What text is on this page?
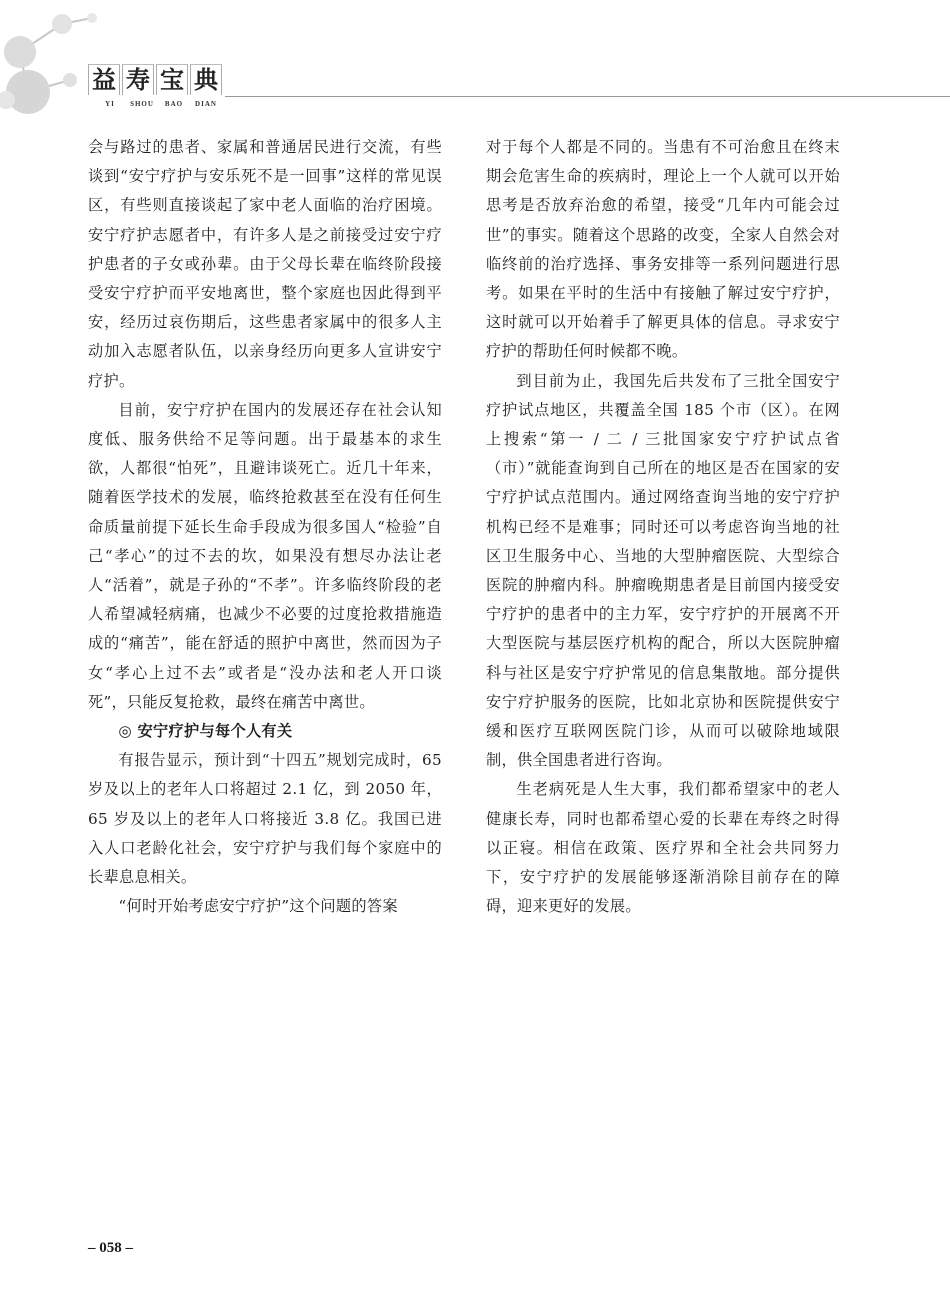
益 寿 宝 典
YI	SHOU	BAO	DIAN

会与路过的患者、家属和普通居民进行交流，有些谈到“安宁疗护与安乐死不是一回事”这样的常见误区，有些则直接谈起了家中老人面临的治疗困境。安宁疗护志愿者中，有许多人是之前接受过安宁疗护患者的子女或孙辈。由于父母长辈在临终阶段接受安宁疗护而平安地离世，整个家庭也因此得到平安，经历过哀伤期后，这些患者家属中的很多人主动加入志愿者队伍，以亲身经历向更多人宣讲安宁疗护。

目前，安宁疗护在国内的发展还存在社会认知度低、服务供给不足等问题。出于最基本的求生欲，人都很“怕死”，且避讳谈死亡。近几十年来，随着医学技术的发展，临终抢救甚至在没有任何生命质量前提下延长生命手段成为很多国人“检验”自己“孝心”的过不去的坎，如果没有想尽办法让老人“活着”，就是子孙的“不孝”。许多临终阶段的老人希望减轻病痛，也减少不必要的过度抢救措施造成的“痛苦”，能在舒适的照护中离世，然而因为子女“孝心上过不去”或者是“没办法和老人开口谈死”，只能反复抢救，最终在痛苦中离世。

◎ 安宁疗护与每个人有关

有报告显示，预计到“十四五”规划完成时，65 岁及以上的老年人口将超过 2.1 亿，到 2050 年，65 岁及以上的老年人口将接近 3.8 亿。我国已进入人口老龄化社会，安宁疗护与我们每个家庭中的长辈息息相关。

“何时开始考虑安宁疗护”这个问题的答案

对于每个人都是不同的。当患有不可治愈且在终末期会危害生命的疾病时，理论上一个人就可以开始思考是否放弃治愈的希望，接受“几年内可能会过世”的事实。随着这个思路的改变，全家人自然会对临终前的治疗选择、事务安排等一系列问题进行思考。如果在平时的生活中有接触了解过安宁疗护，这时就可以开始着手了解更具体的信息。寻求安宁疗护的帮助任何时候都不晚。

到目前为止，我国先后共发布了三批全国安宁疗护试点地区，共覆盖全国 185 个市（区）。在网上搜索“第一 / 二 / 三批国家安宁疗护试点省（市）”就能查询到自己所在的地区是否在国家的安宁疗护试点范围内。通过网络查询当地的安宁疗护机构已经不是难事；同时还可以考虑咨询当地的社区卫生服务中心、当地的大型肿瘤医院、大型综合医院的肿瘤内科。肿瘤晚期患者是目前国内接受安宁疗护的患者中的主力军，安宁疗护的开展离不开大型医院与基层医疗机构的配合，所以大医院肿瘤科与社区是安宁疗护常见的信息集散地。部分提供安宁疗护服务的医院，比如北京协和医院提供安宁缓和医疗互联网医院门诊，从而可以破除地域限制，供全国患者进行咨询。

生老病死是人生大事，我们都希望家中的老人健康长寿，同时也都希望心爱的长辈在寿终之时得以正寝。相信在政策、医疗界和全社会共同努力下，安宁疗护的发展能够逐渐消除目前存在的障碍，迎来更好的发展。

– 058 –
